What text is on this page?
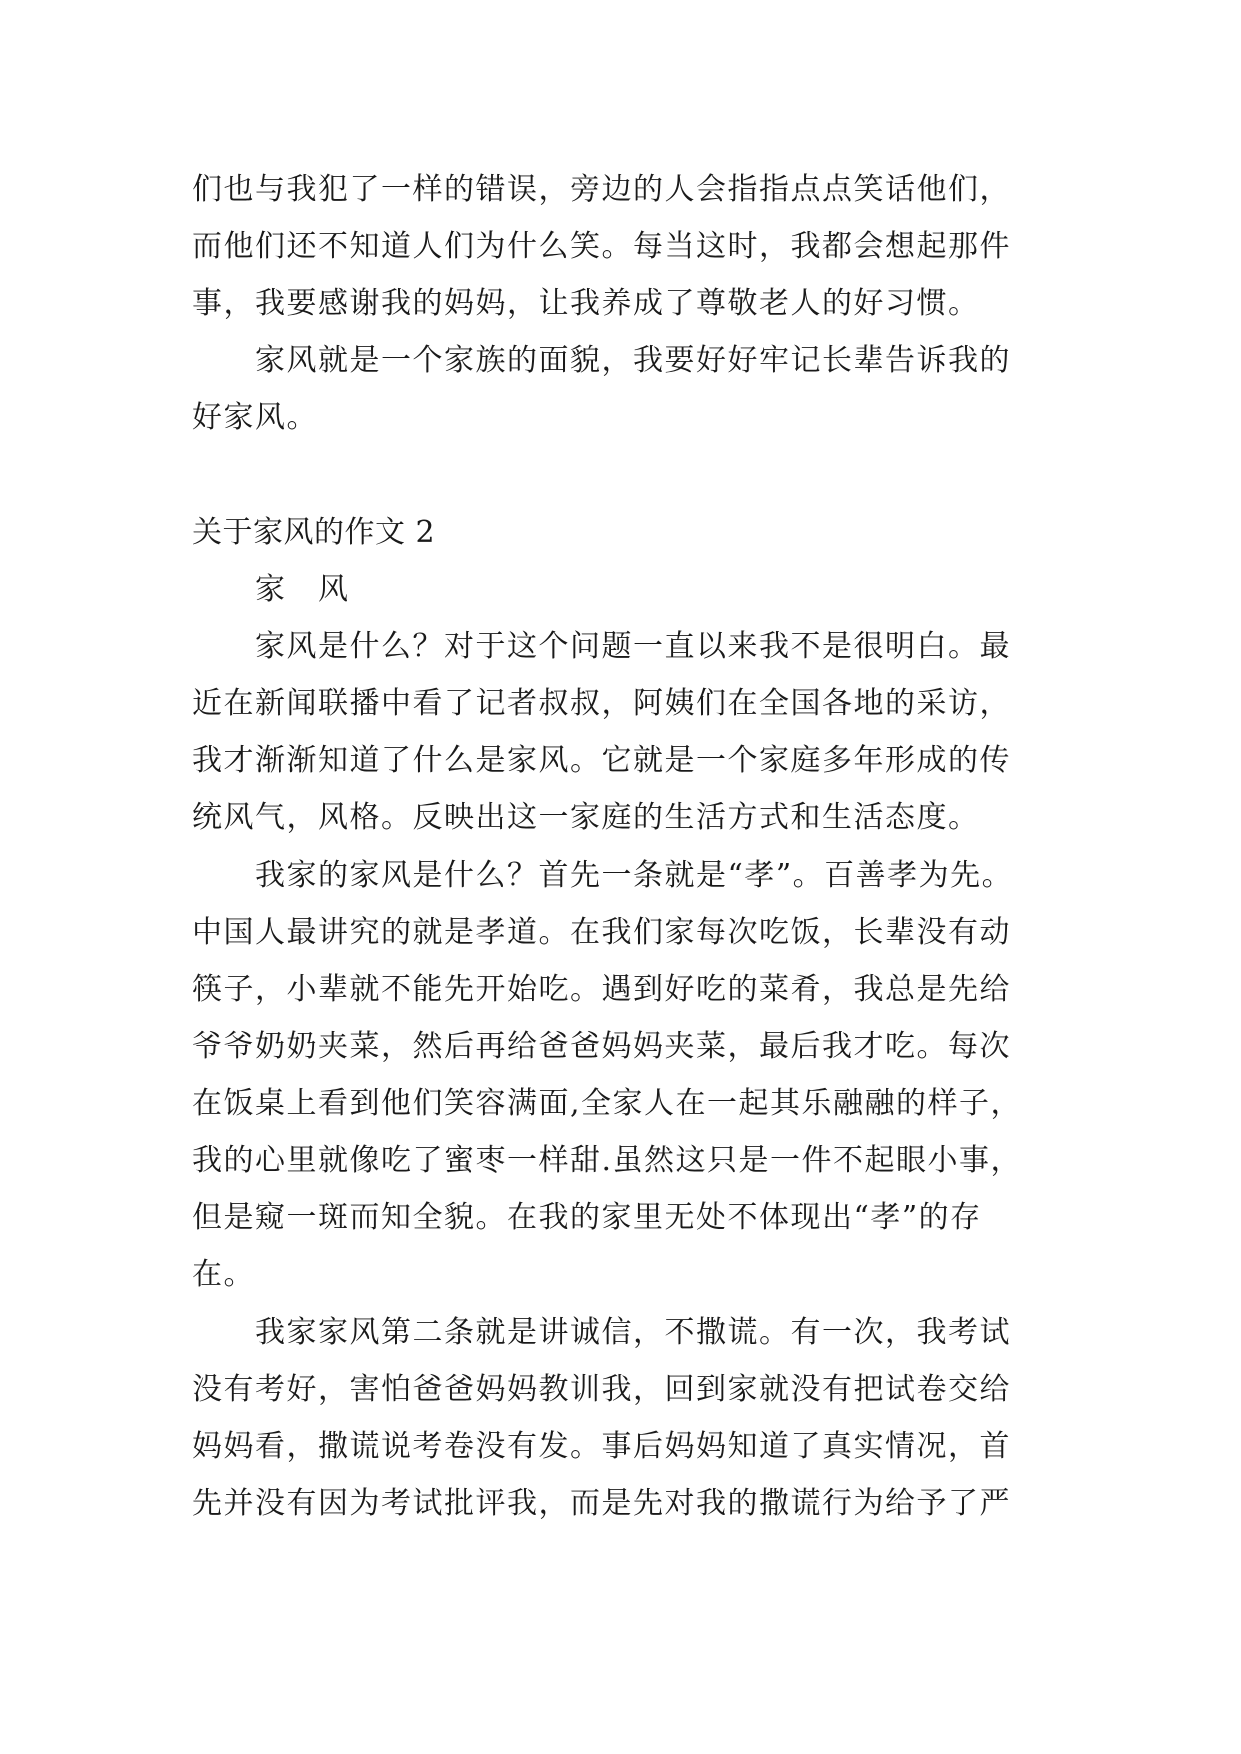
们也与我犯了一样的错误，旁边的人会指指点点笑话他们，
而他们还不知道人们为什么笑。每当这时，我都会想起那件
事，我要感谢我的妈妈，让我养成了尊敬老人的好习惯。
　　家风就是一个家族的面貌，我要好好牢记长辈告诉我的
好家风。
关于家风的作文 2
　　家　风
　　家风是什么？对于这个问题一直以来我不是很明白。最
近在新闻联播中看了记者叔叔，阿姨们在全国各地的采访，
我才渐渐知道了什么是家风。它就是一个家庭多年形成的传
统风气，风格。反映出这一家庭的生活方式和生活态度。
　　我家的家风是什么？首先一条就是“孝”。百善孝为先。
中国人最讲究的就是孝道。在我们家每次吃饭，长辈没有动
筷子，小辈就不能先开始吃。遇到好吃的菜肴，我总是先给
爷爷奶奶夹菜，然后再给爸爸妈妈夹菜，最后我才吃。每次
在饭桌上看到他们笑容满面,全家人在一起其乐融融的样子，
我的心里就像吃了蜜枣一样甜.虽然这只是一件不起眼小事，
但是窥一斑而知全貌。在我的家里无处不体现出“孝”的存
在。
　　我家家风第二条就是讲诚信，不撒谎。有一次，我考试
没有考好，害怕爸爸妈妈教训我，回到家就没有把试卷交给
妈妈看，撒谎说考卷没有发。事后妈妈知道了真实情况，首
先并没有因为考试批评我，而是先对我的撒谎行为给予了严
